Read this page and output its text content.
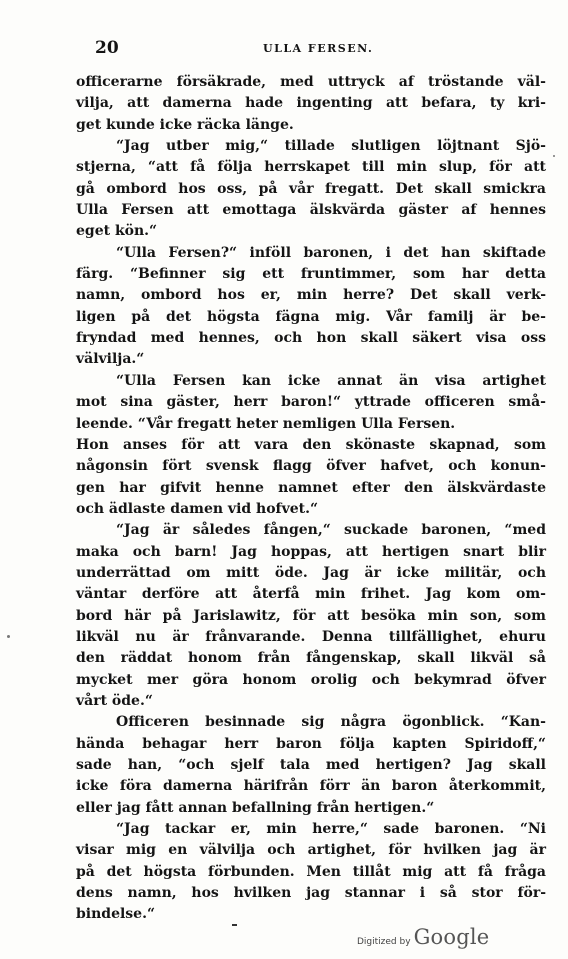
20	ULLA FERSEN.
officerarne försäkrade, med uttryck af tröstande väl-
vilja, att damerna hade ingenting att befara, ty kri-
get kunde icke räcka länge.
“Jag utber mig,“ tillade slutligen löjtnant Sjö-
stjerna, “att få följa herrskapet till min slup, för att
gå ombord hos oss, på vår fregatt. Det skall smickra
Ulla Fersen att emottaga älskvärda gäster af hennes
eget kön.“
“Ulla Fersen?“ inföll baronen, i det han skiftade
färg. “Befinner sig ett fruntimmer, som har detta
namn, ombord hos er, min herre? Det skall verk-
ligen på det högsta fägna mig. Vår familj är be-
fryndad med hennes, och hon skall säkert visa oss
välvilja.“
“Ulla Fersen kan icke annat än visa artighet
mot sina gäster, herr baron!“ yttrade officeren små-
leende. “Vår fregatt heter nemligen Ulla Fersen.
Hon anses för att vara den skönaste skapnad, som
någonsin fört svensk flagg öfver hafvet, och konun-
gen har gifvit henne namnet efter den älskvärdaste
och ädlaste damen vid hofvet.“
“Jag är således fången,“ suckade baronen, “med
maka och barn! Jag hoppas, att hertigen snart blir
underrättad om mitt öde. Jag är icke militär, och
väntar derföre att återfå min frihet. Jag kom om-
bord här på Jarislawitz, för att besöka min son, som
likväl nu är frånvarande. Denna tillfällighet, ehuru
den räddat honom från fångenskap, skall likväl så
mycket mer göra honom orolig och bekymrad öfver
vårt öde.“
Officeren besinnade sig några ögonblick. “Kan-
hända behagar herr baron följa kapten Spiridoff,“
sade han, “och sjelf tala med hertigen? Jag skall
icke föra damerna härifrån förr än baron återkommit,
eller jag fått annan befallning från hertigen.“
“Jag tackar er, min herre,“ sade baronen. “Ni
visar mig en välvilja och artighet, för hvilken jag är
på det högsta förbunden. Men tillåt mig att få fråga
dens namn, hos hvilken jag stannar i så stor för-
bindelse.“
Digitized by Google
